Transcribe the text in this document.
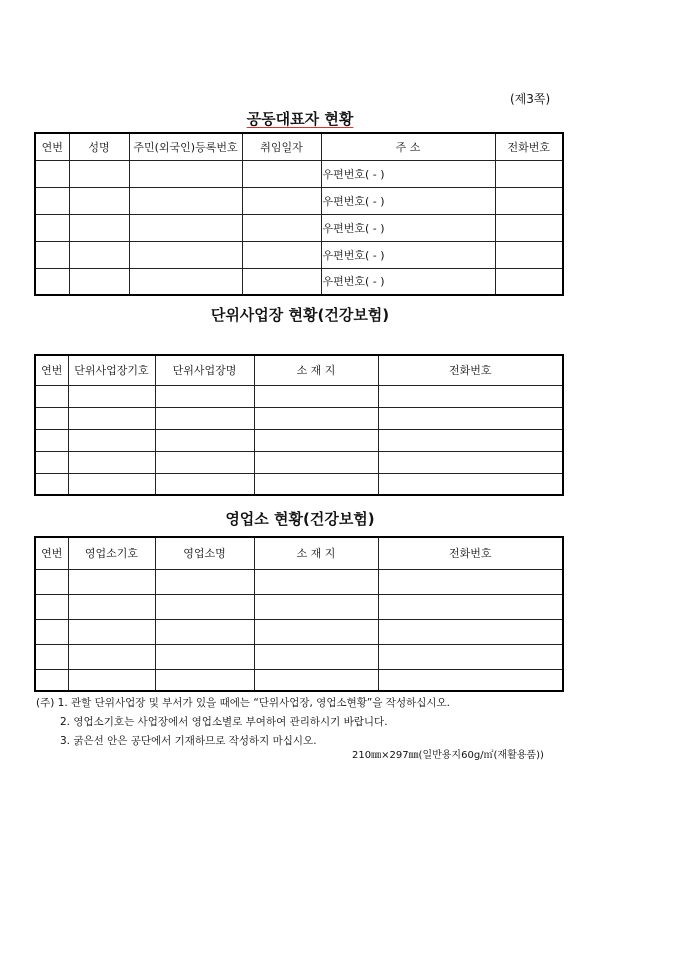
(제3쪽)
공동대표자 현황
연번	성명	주민(외국인)등록번호	취임일자	주 소	전화번호
				우편번호( - )	
				우편번호( - )	
				우편번호( - )	
				우편번호( - )	
				우편번호( - )	
단위사업장 현황(건강보험)
연번	단위사업장기호	단위사업장명	소 재 지	전화번호

영업소 현황(건강보험)
연번	영업소기호	영업소명	소 재 지	전화번호

(주) 1. 관할 단위사업장 및 부서가 있을 때에는 “단위사업장, 영업소현황”을 작성하십시오.
2. 영업소기호는 사업장에서 영업소별로 부여하여 관리하시기 바랍니다.
3. 굵은선 안은 공단에서 기재하므로 작성하지 마십시오.
210㎜×297㎜(일반용지60g/㎡(재활용품))
